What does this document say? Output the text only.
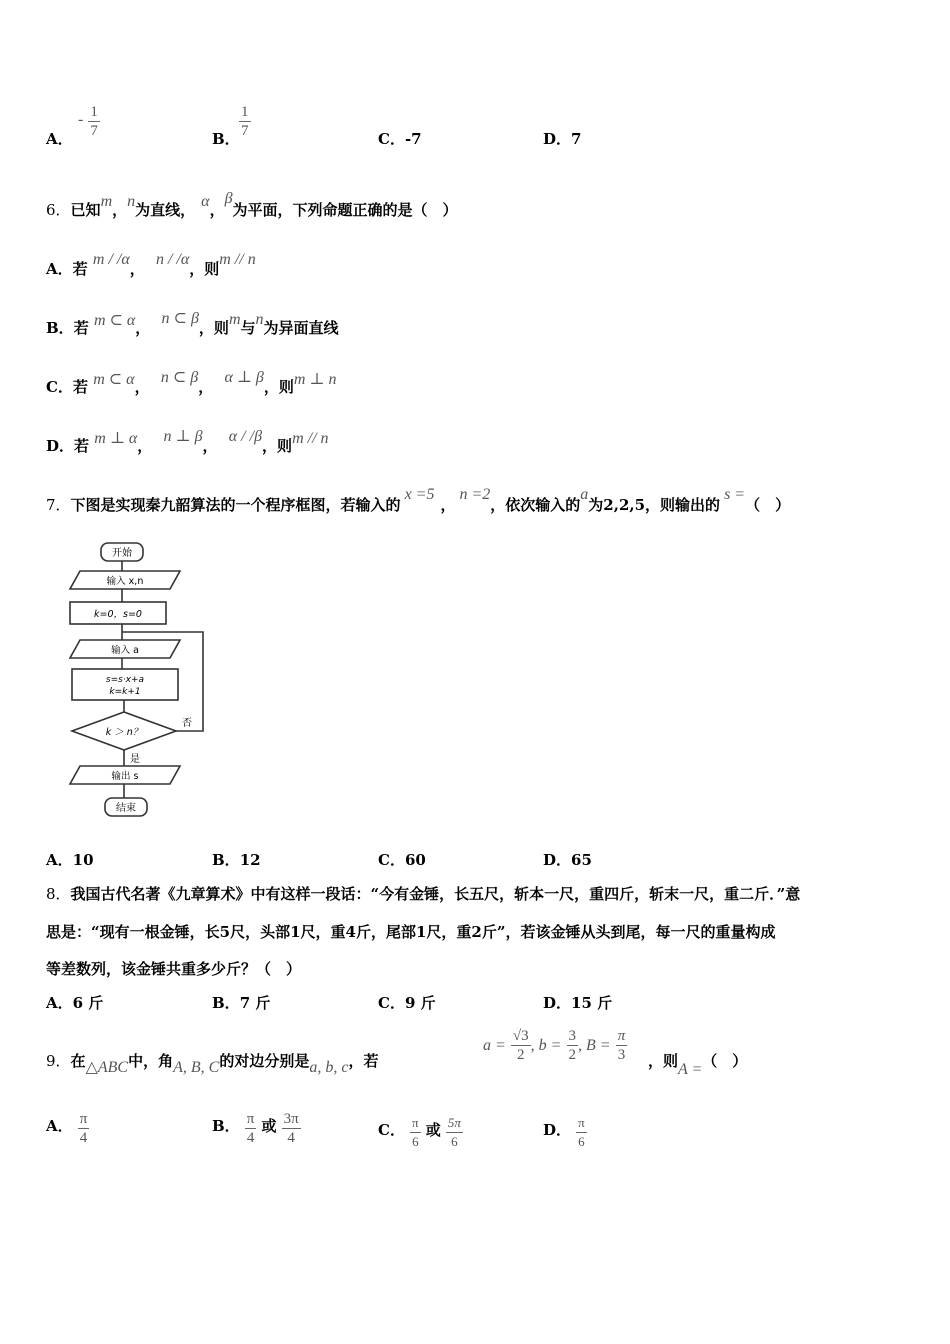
A．
- $\frac{1}{7}$	B． $\frac{1}{7}$	C．-7	D．7
6．已知m，n为直线， α，β为平面，下列命题正确的是（　）
A．若 m / /α， n / /α，则m // n
B．若 m ⊂ α， n ⊂ β，则m与n为异面直线
C．若 m ⊂ α， n ⊂ β， α ⊥ β，则m ⊥ n
D．若 m ⊥ α， n ⊥ β， α / /β，则m // n
7．下图是实现秦九韶算法的一个程序框图，若输入的x =5，n =2，依次输入的a为2,2,5，则输出的s =（　）
开始
输入 x,n
k=0，s=0
输入 a
s=s·x+a
k=k+1
k ＞ n？
否
是
输出 s
结束
A．10	B．12	C．60	D．65
8．我国古代名著《九章算术》中有这样一段话：“今有金锤，长五尺，斩本一尺，重四斤，斩末一尺，重二斤．”意
思是：“现有一根金锤，长5尺，头部1尺，重4斤，尾部1尺，重2斤”，若该金锤从头到尾，每一尺的重量构成
等差数列，该金锤共重多少斤？（　）
A．6 斤	B．7 斤	C．9 斤	D．15 斤
9．在△ABC中，角A, B, C的对边分别是a, b, c，若
$a = \frac{√3}{2}$ , $b = \frac{3}{2}$ , $B = \frac{\pi}{3}$ ，则A =（　）
A． $\frac{\pi}{4}$	B． $\frac{\pi}{4}$ 或 $\frac{3\pi}{4}$	C． $\frac{\pi}{6}$ 或 $\frac{5\pi}{6}$	D． $\frac{\pi}{6}$
